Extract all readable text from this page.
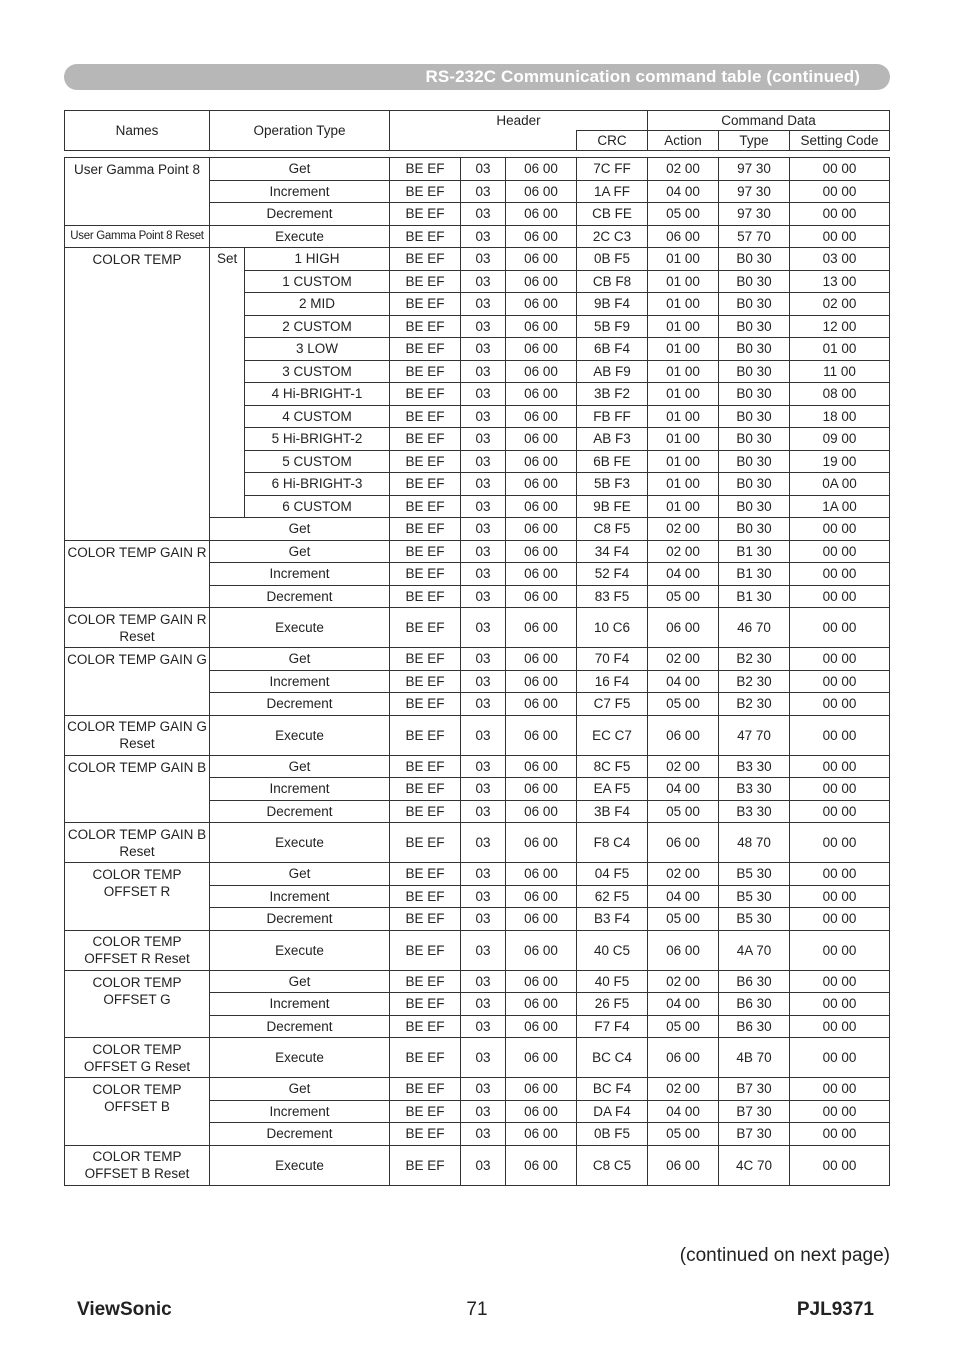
RS-232C Communication command table (continued)
Names	Operation Type		Header				Command Data		
						CRC	Action	Type	Setting Code

User Gamma Point 8	Get		BE EF	03	06 00	7C FF	02 00	97 30	00 00
	Increment		BE EF	03	06 00	1A FF	04 00	97 30	00 00
	Decrement		BE EF	03	06 00	CB FE	05 00	97 30	00 00
User Gamma Point 8 Reset	Execute		BE EF	03	06 00	2C C3	06 00	57 70	00 00
COLOR TEMP	Set	1 HIGH	BE EF	03	06 00	0B F5	01 00	B0 30	03 00
		1 CUSTOM	BE EF	03	06 00	CB F8	01 00	B0 30	13 00
		2 MID	BE EF	03	06 00	9B F4	01 00	B0 30	02 00
		2 CUSTOM	BE EF	03	06 00	5B F9	01 00	B0 30	12 00
		3 LOW	BE EF	03	06 00	6B F4	01 00	B0 30	01 00
		3 CUSTOM	BE EF	03	06 00	AB F9	01 00	B0 30	11 00
		4 Hi-BRIGHT-1	BE EF	03	06 00	3B F2	01 00	B0 30	08 00
		4 CUSTOM	BE EF	03	06 00	FB FF	01 00	B0 30	18 00
		5 Hi-BRIGHT-2	BE EF	03	06 00	AB F3	01 00	B0 30	09 00
		5 CUSTOM	BE EF	03	06 00	6B FE	01 00	B0 30	19 00
		6 Hi-BRIGHT-3	BE EF	03	06 00	5B F3	01 00	B0 30	0A 00
		6 CUSTOM	BE EF	03	06 00	9B FE	01 00	B0 30	1A 00
	Get		BE EF	03	06 00	C8 F5	02 00	B0 30	00 00
COLOR TEMP GAIN R	Get		BE EF	03	06 00	34 F4	02 00	B1 30	00 00
	Increment		BE EF	03	06 00	52 F4	04 00	B1 30	00 00
	Decrement		BE EF	03	06 00	83 F5	05 00	B1 30	00 00
COLOR TEMP GAIN R Reset	Execute		BE EF	03	06 00	10 C6	06 00	46 70	00 00
COLOR TEMP GAIN G	Get		BE EF	03	06 00	70 F4	02 00	B2 30	00 00
	Increment		BE EF	03	06 00	16 F4	04 00	B2 30	00 00
	Decrement		BE EF	03	06 00	C7 F5	05 00	B2 30	00 00
COLOR TEMP GAIN G Reset	Execute		BE EF	03	06 00	EC C7	06 00	47 70	00 00
COLOR TEMP GAIN B	Get		BE EF	03	06 00	8C F5	02 00	B3 30	00 00
	Increment		BE EF	03	06 00	EA F5	04 00	B3 30	00 00
	Decrement		BE EF	03	06 00	3B F4	05 00	B3 30	00 00
COLOR TEMP GAIN B Reset	Execute		BE EF	03	06 00	F8 C4	06 00	48 70	00 00
COLOR TEMP OFFSET R	Get		BE EF	03	06 00	04 F5	02 00	B5 30	00 00
	Increment		BE EF	03	06 00	62 F5	04 00	B5 30	00 00
	Decrement		BE EF	03	06 00	B3 F4	05 00	B5 30	00 00
COLOR TEMP OFFSET R Reset	Execute		BE EF	03	06 00	40 C5	06 00	4A 70	00 00
COLOR TEMP OFFSET G	Get		BE EF	03	06 00	40 F5	02 00	B6 30	00 00
	Increment		BE EF	03	06 00	26 F5	04 00	B6 30	00 00
	Decrement		BE EF	03	06 00	F7 F4	05 00	B6 30	00 00
COLOR TEMP OFFSET G Reset	Execute		BE EF	03	06 00	BC C4	06 00	4B 70	00 00
COLOR TEMP OFFSET B	Get		BE EF	03	06 00	BC F4	02 00	B7 30	00 00
	Increment		BE EF	03	06 00	DA F4	04 00	B7 30	00 00
	Decrement		BE EF	03	06 00	0B F5	05 00	B7 30	00 00
COLOR TEMP OFFSET B Reset	Execute		BE EF	03	06 00	C8 C5	06 00	4C 70	00 00
(continued on next page)
ViewSonic	71	PJL9371
